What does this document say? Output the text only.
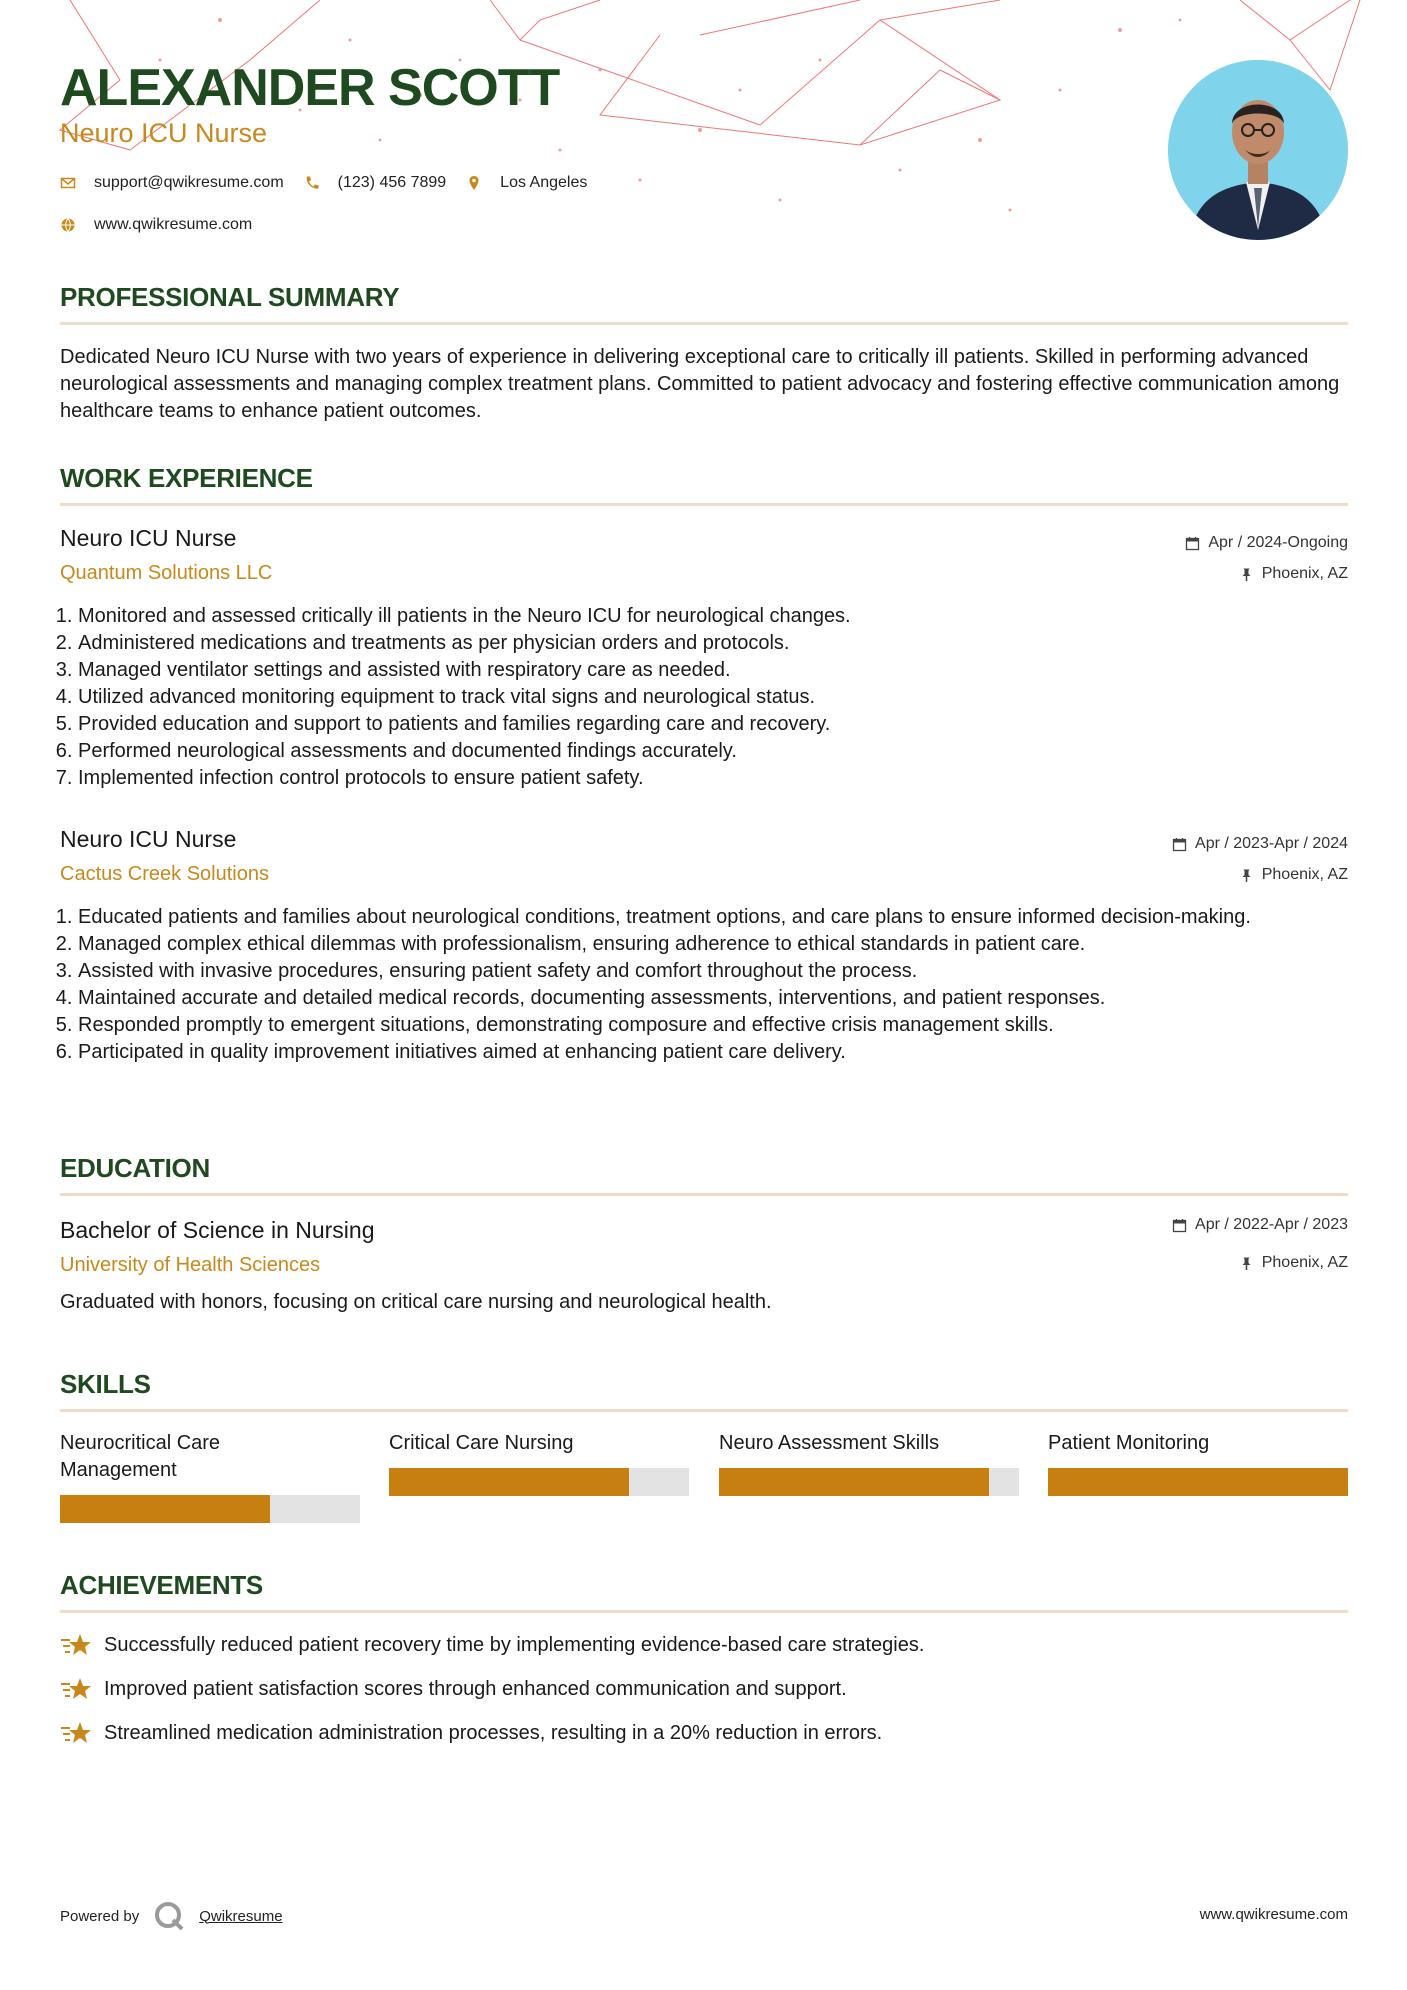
ALEXANDER SCOTT

Neuro ICU Nurse

support@qwikresume.com	(123) 456 7899	Los Angeles
www.qwikresume.com
PROFESSIONAL SUMMARY

Dedicated Neuro ICU Nurse with two years of experience in delivering exceptional care to critically ill patients. Skilled in performing advanced neurological assessments and managing complex treatment plans. Committed to patient advocacy and fostering effective communication among healthcare teams to enhance patient outcomes.

WORK EXPERIENCE

Neuro ICU Nurse

Quantum Solutions LLC

Apr / 2024-Ongoing
Phoenix, AZ
1. Monitored and assessed critically ill patients in the Neuro ICU for neurological changes.
2. Administered medications and treatments as per physician orders and protocols.
3. Managed ventilator settings and assisted with respiratory care as needed.
4. Utilized advanced monitoring equipment to track vital signs and neurological status.
5. Provided education and support to patients and families regarding care and recovery.
6. Performed neurological assessments and documented findings accurately.
7. Implemented infection control protocols to ensure patient safety.

Neuro ICU Nurse

Cactus Creek Solutions

Apr / 2023-Apr / 2024
Phoenix, AZ
1. Educated patients and families about neurological conditions, treatment options, and care plans to ensure informed decision-making.
2. Managed complex ethical dilemmas with professionalism, ensuring adherence to ethical standards in patient care.
3. Assisted with invasive procedures, ensuring patient safety and comfort throughout the process.
4. Maintained accurate and detailed medical records, documenting assessments, interventions, and patient responses.
5. Responded promptly to emergent situations, demonstrating composure and effective crisis management skills.
6. Participated in quality improvement initiatives aimed at enhancing patient care delivery.
EDUCATION

Bachelor of Science in Nursing

University of Health Sciences

Apr / 2022-Apr / 2023
Phoenix, AZ

Graduated with honors, focusing on critical care nursing and neurological health.

SKILLS

Neurocritical Care Management

Critical Care Nursing	Neuro Assessment Skills	Patient Monitoring

ACHIEVEMENTS
Successfully reduced patient recovery time by implementing evidence-based care strategies.
Improved patient satisfaction scores through enhanced communication and support.
Streamlined medication administration processes, resulting in a 20% reduction in errors.
Powered by	Qwikresume	www.qwikresume.com
